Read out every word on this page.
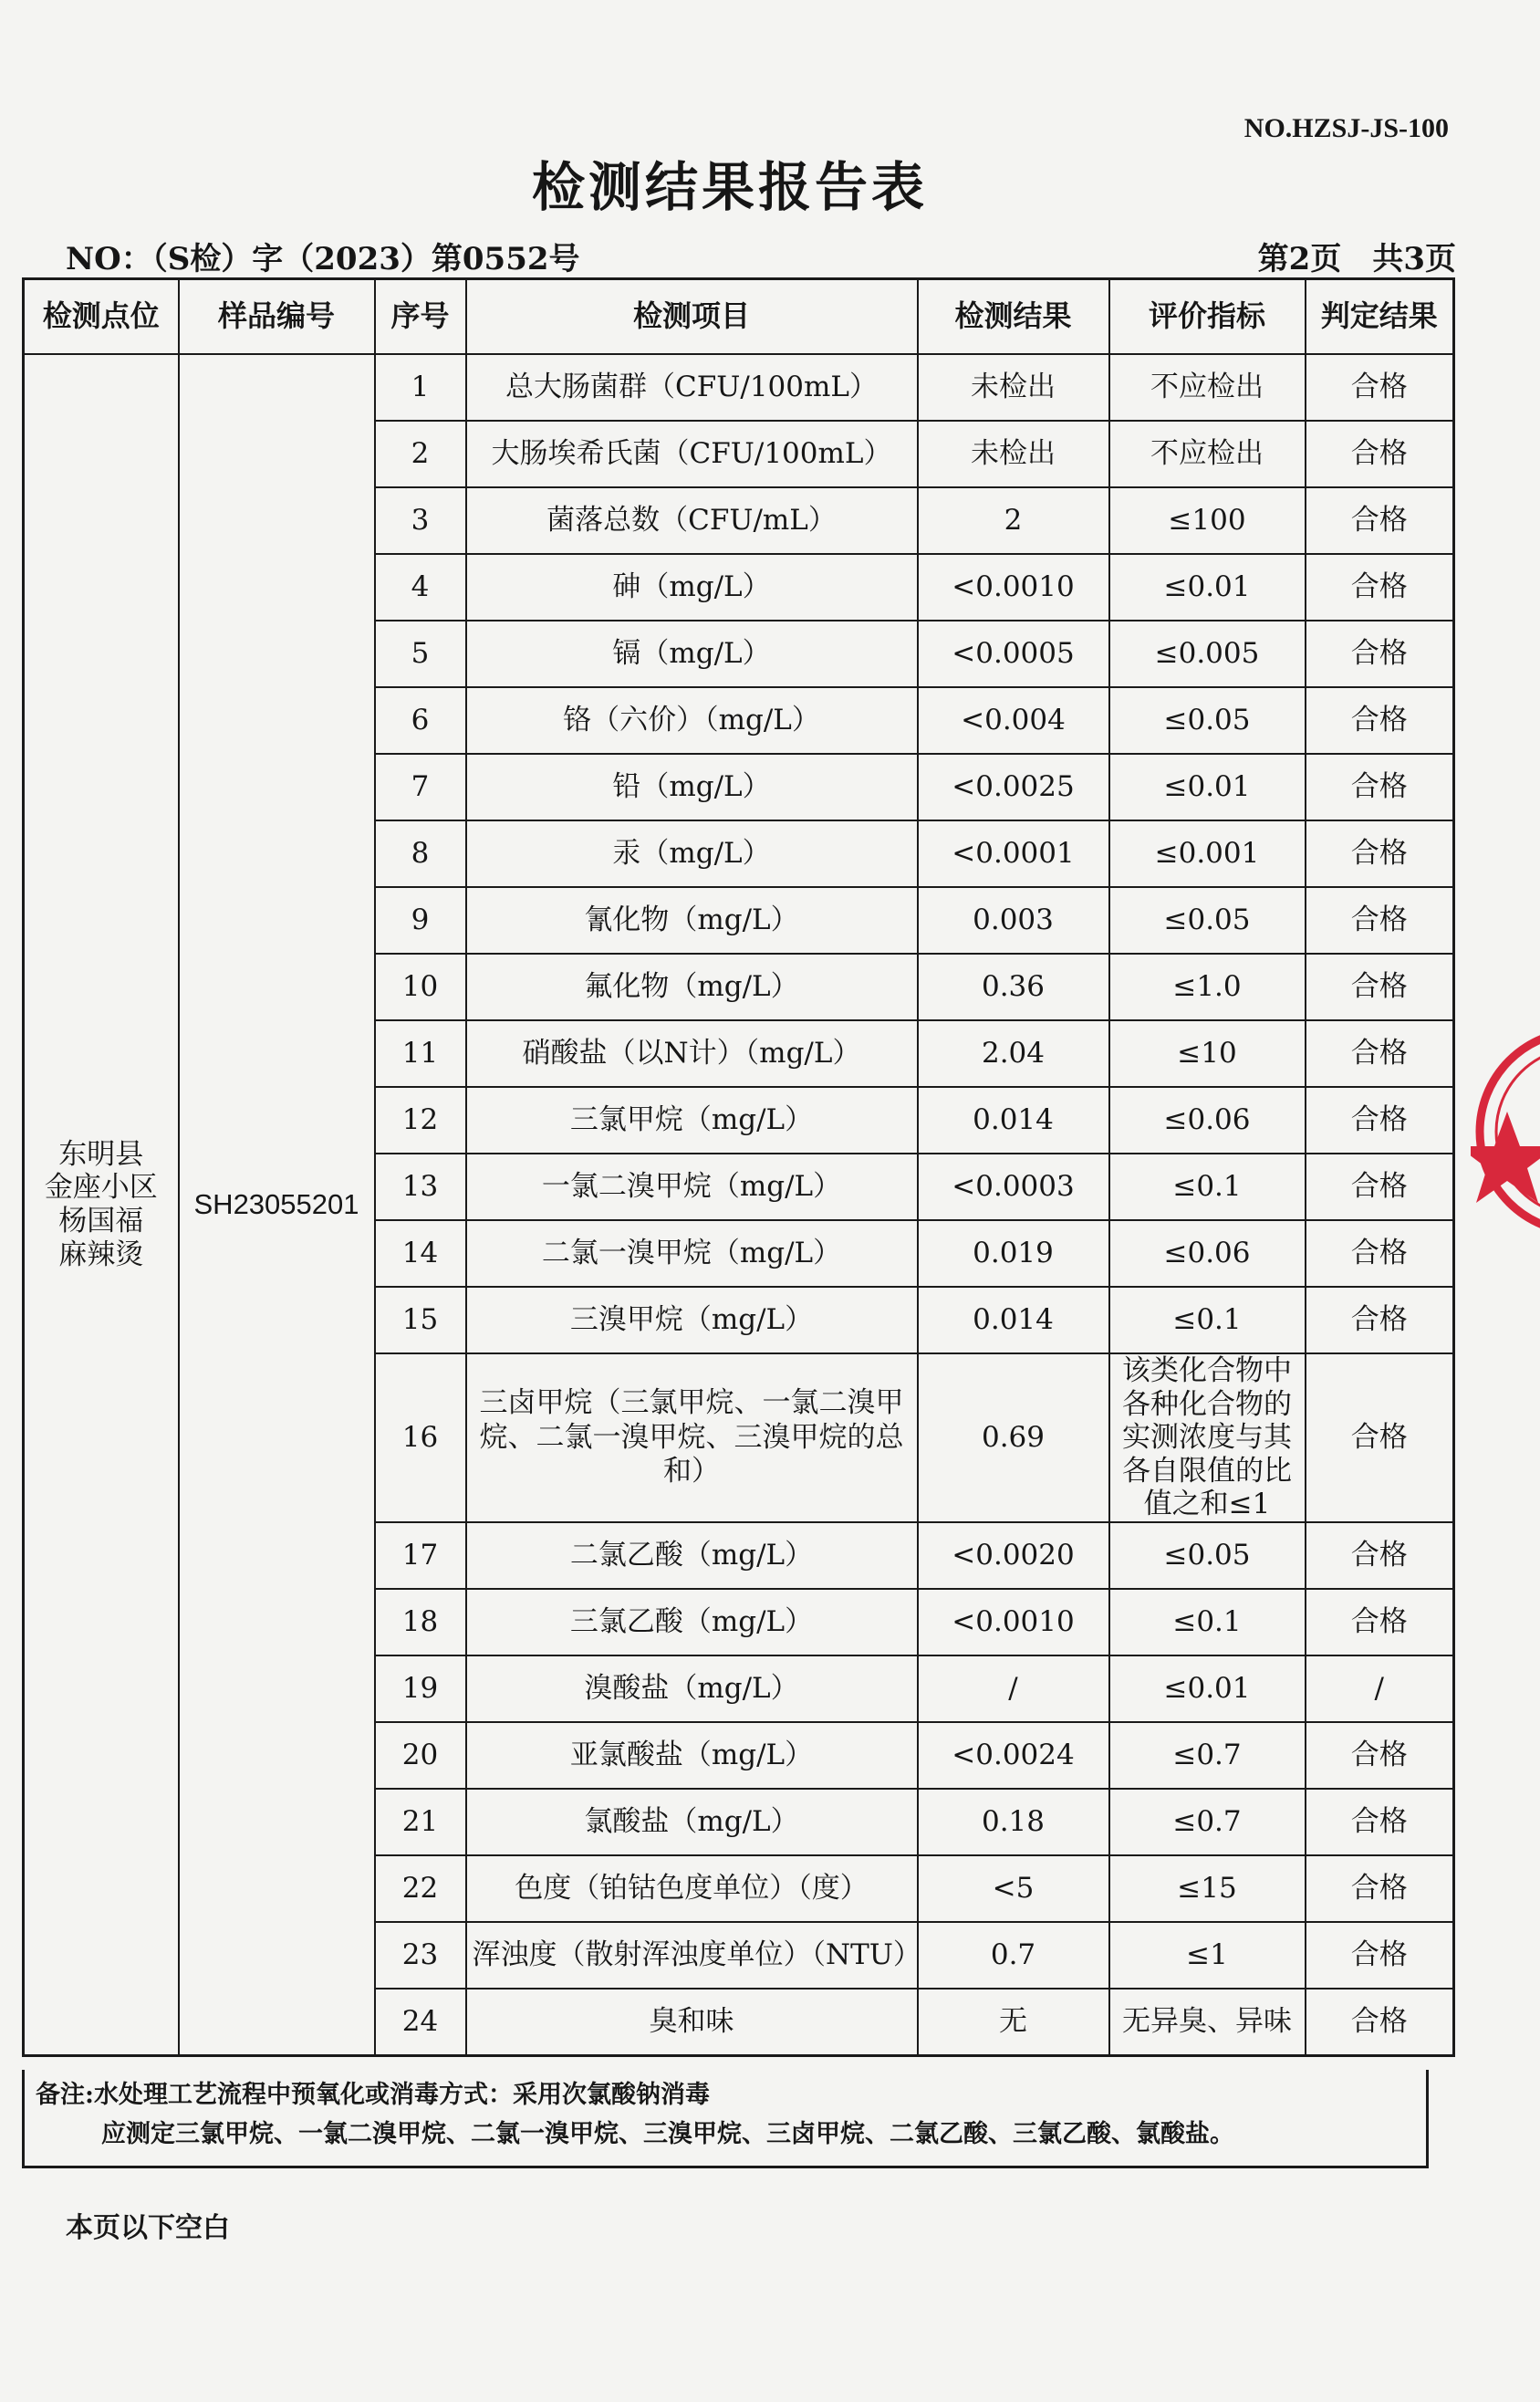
NO.HZSJ-JS-100
检测结果报告表
NO：（S检）字（2023）第0552号	第2页　共3页
检测点位	样品编号	序号	检测项目	检测结果	评价指标	判定结果
东明县
金座小区
杨国福
麻辣烫	SH23055201	1	总大肠菌群（CFU/100mL）	未检出	不应检出	合格
		2	大肠埃希氏菌（CFU/100mL）	未检出	不应检出	合格
		3	菌落总数（CFU/mL）	2	≤100	合格
		4	砷（mg/L）	<0.0010	≤0.01	合格
		5	镉（mg/L）	<0.0005	≤0.005	合格
		6	铬（六价）（mg/L）	<0.004	≤0.05	合格
		7	铅（mg/L）	<0.0025	≤0.01	合格
		8	汞（mg/L）	<0.0001	≤0.001	合格
		9	氰化物（mg/L）	0.003	≤0.05	合格
		10	氟化物（mg/L）	0.36	≤1.0	合格
		11	硝酸盐（以N计）（mg/L）	2.04	≤10	合格
		12	三氯甲烷（mg/L）	0.014	≤0.06	合格
		13	一氯二溴甲烷（mg/L）	<0.0003	≤0.1	合格
		14	二氯一溴甲烷（mg/L）	0.019	≤0.06	合格
		15	三溴甲烷（mg/L）	0.014	≤0.1	合格
		16	三卤甲烷（三氯甲烷、一氯二溴甲烷、二氯一溴甲烷、三溴甲烷的总和）	0.69	该类化合物中各种化合物的实测浓度与其各自限值的比值之和≤1	合格
		17	二氯乙酸（mg/L）	<0.0020	≤0.05	合格
		18	三氯乙酸（mg/L）	<0.0010	≤0.1	合格
		19	溴酸盐（mg/L）	/	≤0.01	/
		20	亚氯酸盐（mg/L）	<0.0024	≤0.7	合格
		21	氯酸盐（mg/L）	0.18	≤0.7	合格
		22	色度（铂钴色度单位）（度）	<5	≤15	合格
		23	浑浊度（散射浑浊度单位）（NTU）	0.7	≤1	合格
		24	臭和味	无	无异臭、异味	合格
备注:水处理工艺流程中预氧化或消毒方式：采用次氯酸钠消毒
应测定三氯甲烷、一氯二溴甲烷、二氯一溴甲烷、三溴甲烷、三卤甲烷、二氯乙酸、三氯乙酸、氯酸盐。
本页以下空白
